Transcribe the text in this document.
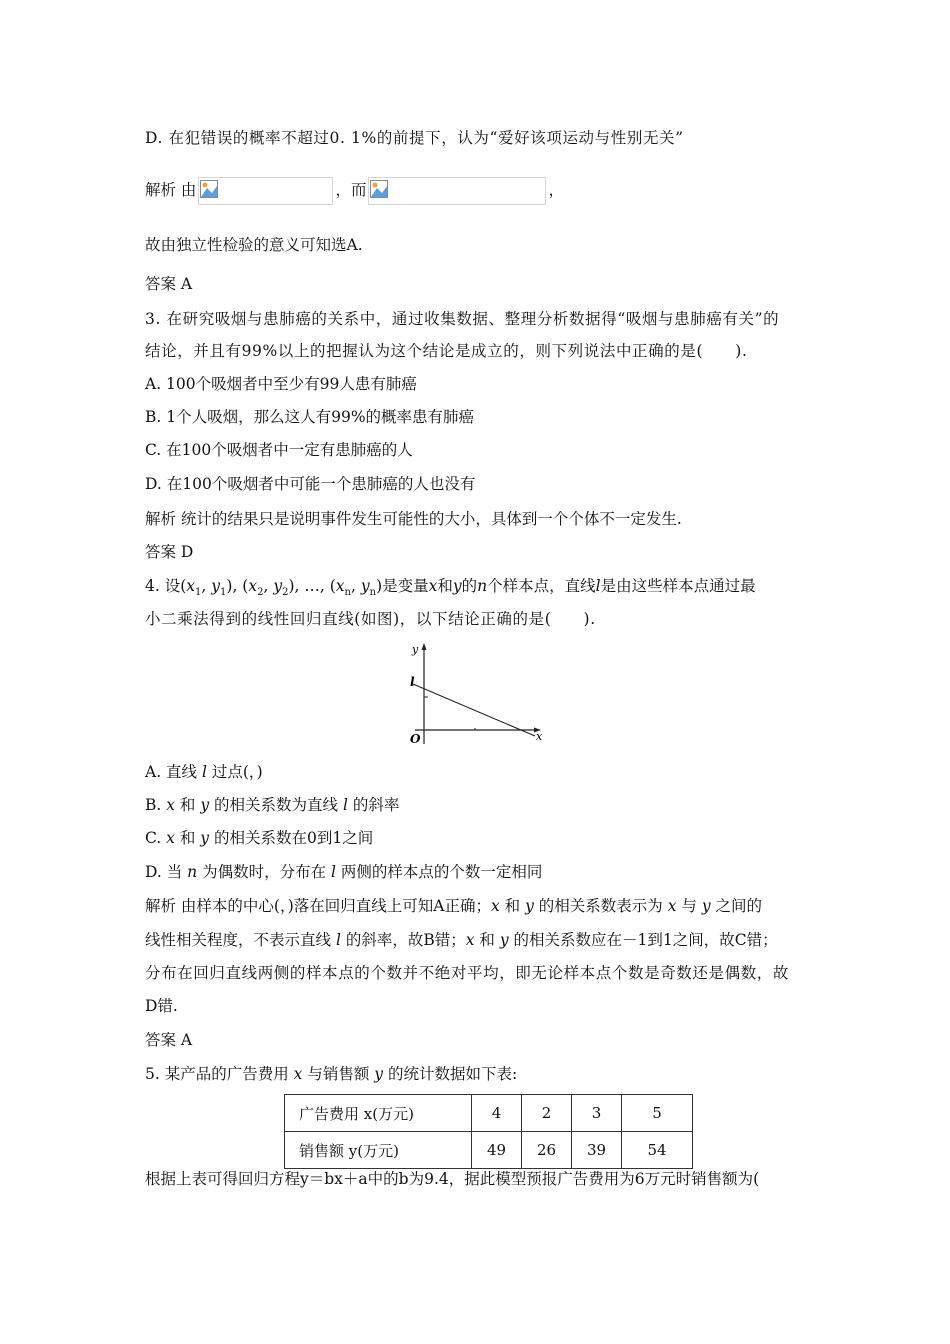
D. 在犯错误的概率不超过0. 1%的前提下，认为“爱好该项运动与性别无关”
解析 由	，而	，
故由独立性检验的意义可知选A.
答案 A
3. 在研究吸烟与患肺癌的关系中，通过收集数据、整理分析数据得“吸烟与患肺癌有关”的
结论，并且有99%以上的把握认为这个结论是成立的，则下列说法中正确的是(　　).
A. 100个吸烟者中至少有99人患有肺癌
B. 1个人吸烟，那么这人有99%的概率患有肺癌
C. 在100个吸烟者中一定有患肺癌的人
D. 在100个吸烟者中可能一个患肺癌的人也没有
解析 统计的结果只是说明事件发生可能性的大小，具体到一个个体不一定发生.
答案 D
4. 设($x_1$, $y_1$), ($x_2$, $y_2$), …, ($x_n$, $y_n$)是变量x和y的n个样本点，直线l是由这些样本点通过最
小二乘法得到的线性回归直线(如图)，以下结论正确的是(　　).
y
x
O
l
A. 直线 l 过点(，)
B. x 和 y 的相关系数为直线 l 的斜率
C. x 和 y 的相关系数在0到1之间
D. 当 n 为偶数时，分布在 l 两侧的样本点的个数一定相同
解析 由样本的中心(，)落在回归直线上可知A正确；x 和 y 的相关系数表示为 x 与 y 之间的
线性相关程度，不表示直线 l 的斜率，故B错；x 和 y 的相关系数应在－1到1之间，故C错；
分布在回归直线两侧的样本点的个数并不绝对平均，即无论样本点个数是奇数还是偶数，故
D错.
答案 A
5. 某产品的广告费用 x 与销售额 y 的统计数据如下表:
广告费用 x(万元)	4	2	3	5
销售额 y(万元)	49	26	39	54
根据上表可得回归方程y＝bx＋a中的b为9.4，据此模型预报广告费用为6万元时销售额为(
